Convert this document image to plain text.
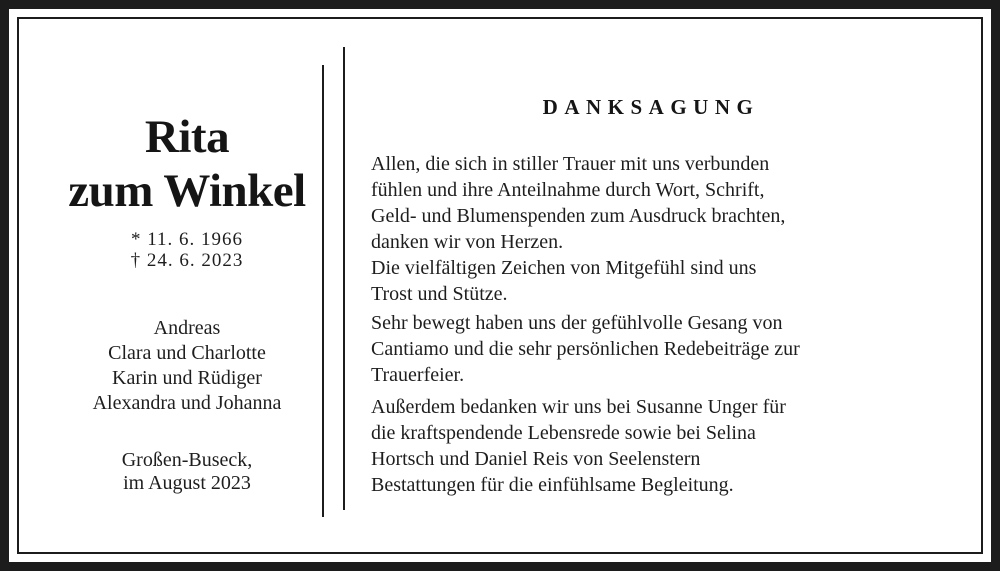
Rita
zum Winkel
* 11. 6. 1966
† 24. 6. 2023
Andreas
Clara und Charlotte
Karin und Rüdiger
Alexandra und Johanna
Großen-Buseck,
im August 2023
DANKSAGUNG
Allen, die sich in stiller Trauer mit uns verbunden
fühlen und ihre Anteilnahme durch Wort, Schrift,
Geld- und Blumenspenden zum Ausdruck brachten,
danken wir von Herzen.
Die vielfältigen Zeichen von Mitgefühl sind uns
Trost und Stütze.
Sehr bewegt haben uns der gefühlvolle Gesang von
Cantiamo und die sehr persönlichen Redebeiträge zur
Trauerfeier.
Außerdem bedanken wir uns bei Susanne Unger für
die kraftspendende Lebensrede sowie bei Selina
Hortsch und Daniel Reis von Seelenstern
Bestattungen für die einfühlsame Begleitung.
